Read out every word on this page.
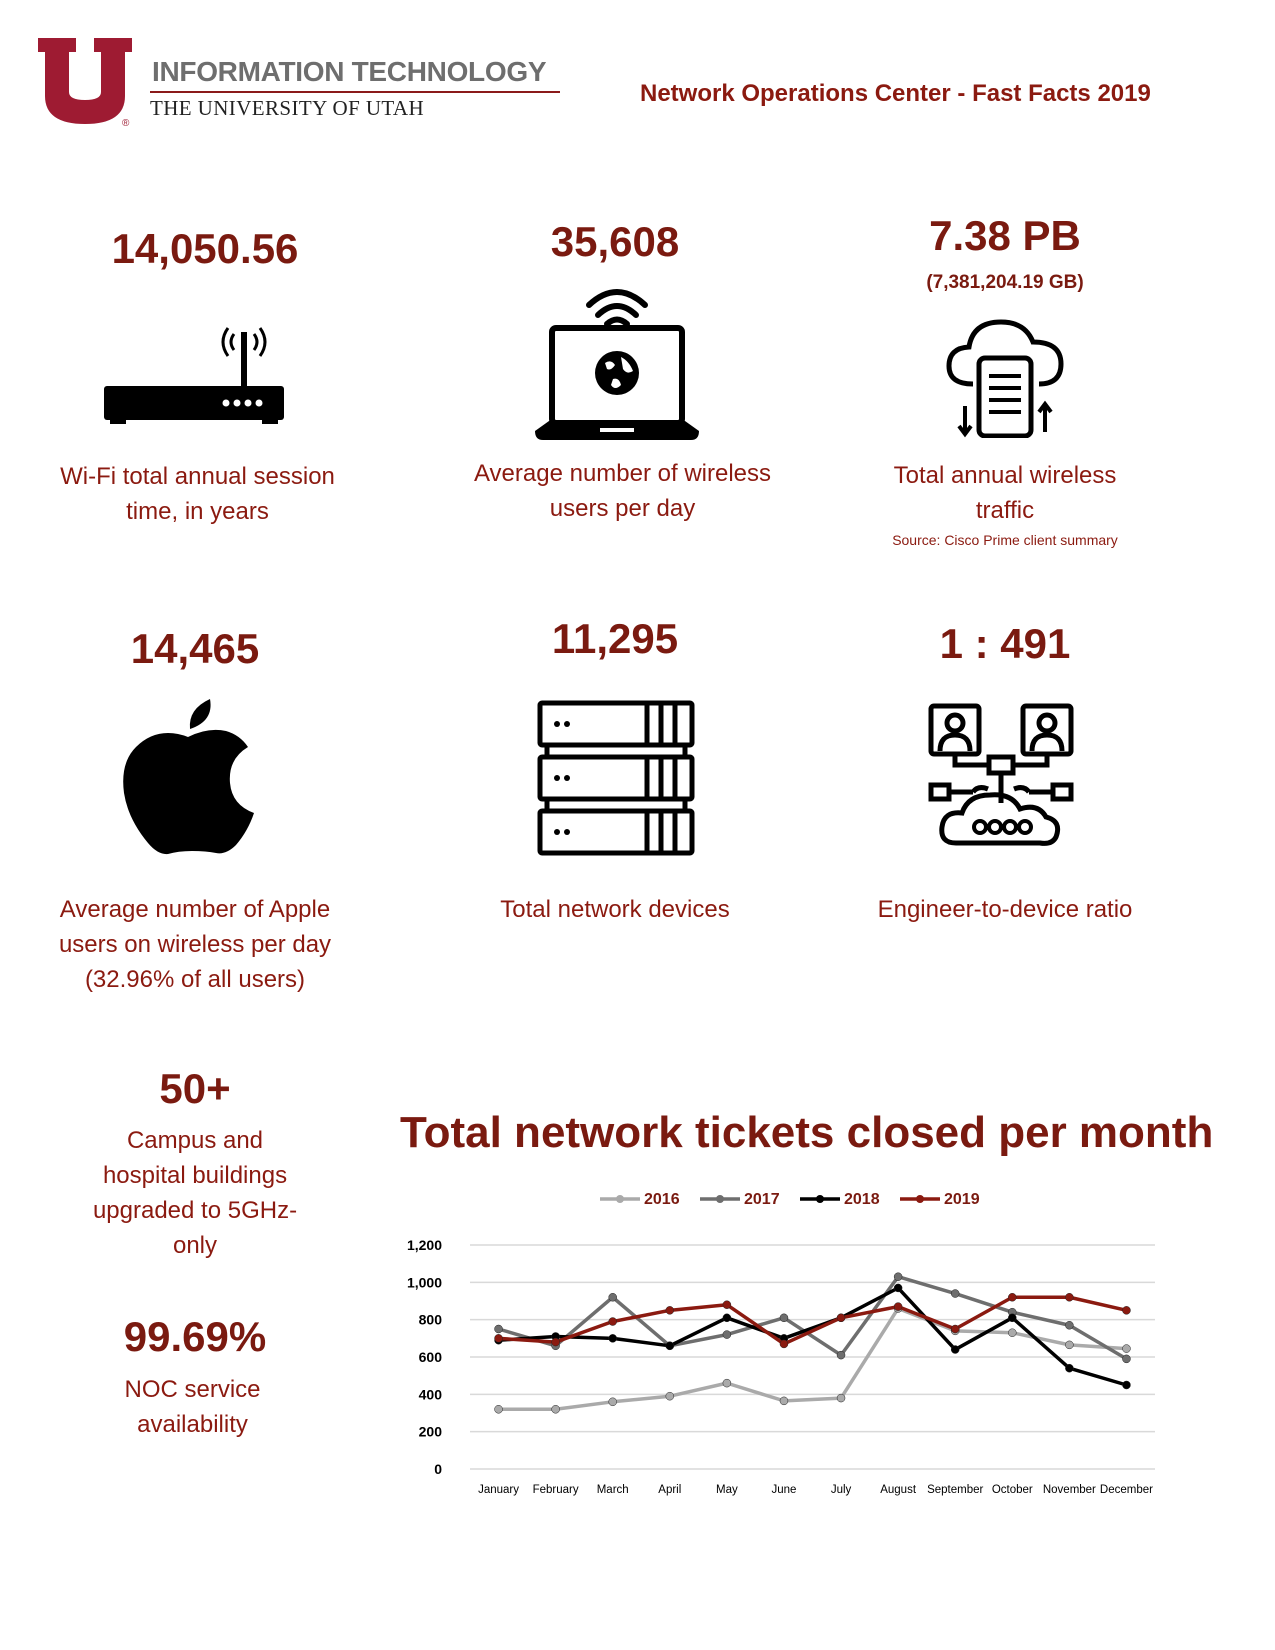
®
INFORMATION TECHNOLOGY
THE UNIVERSITY OF UTAH
Network Operations Center - Fast Facts 2019
14,050.56
Wi-Fi total annual session time, in years
35,608
Average number of wireless users per day
7.38 PB
(7,381,204.19 GB)
Total annual wireless traffic
Source: Cisco Prime client summary
14,465
Average number of Apple users on wireless per day (32.96% of all users)
11,295
Total network devices
1 : 491
Engineer-to-device ratio
50+
Campus and hospital buildings upgraded to 5GHz-only
99.69%
NOC service availability
Total network tickets closed per month
0
200
400
600
800
1,000
1,200
January February March	April	May	June	July	August September October November December
2016	2017	2018	2019
